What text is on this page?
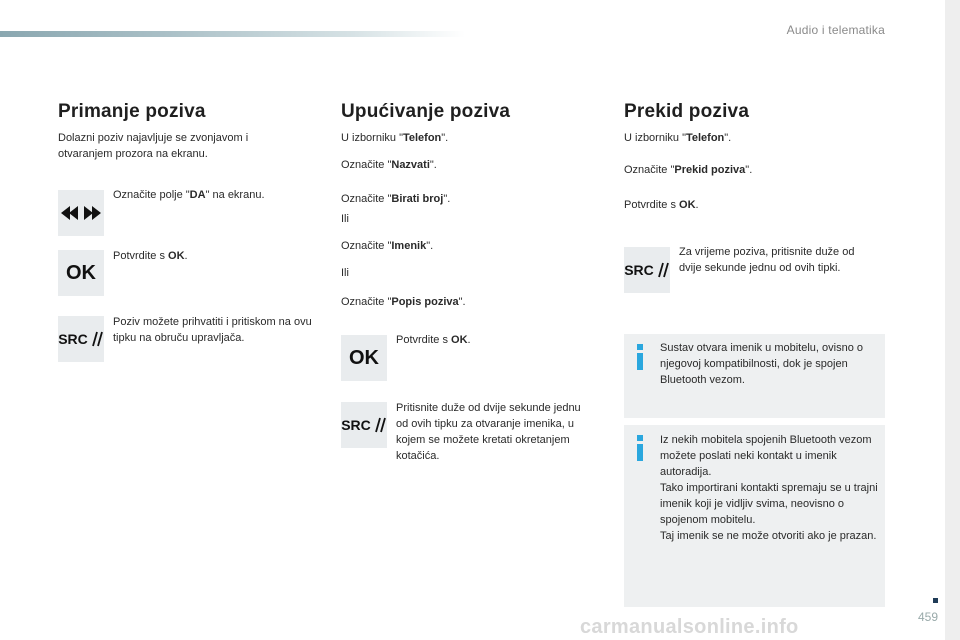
Audio i telematika
Primanje poziva

Dolazni poziv najavljuje se zvonjavom i otvaranjem prozora na ekranu.

Označite polje "DA" na ekranu.

OK

Potvrdite s OK.

SRC

Poziv možete prihvatiti i pritiskom na ovu tipku na obruču upravljača.

Upućivanje poziva

U izborniku "Telefon".

Označite "Nazvati".

Označite "Birati broj".

Ili

Označite "Imenik".

Ili

Označite "Popis poziva".

OK

Potvrdite s OK.

SRC

Pritisnite duže od dvije sekunde jednu od ovih tipku za otvaranje imenika, u kojem se možete kretati okretanjem kotačića.

Prekid poziva

U izborniku "Telefon".

Označite "Prekid poziva".

Potvrdite s OK.

SRC

Za vrijeme poziva, pritisnite duže od dvije sekunde jednu od ovih tipki.

Sustav otvara imenik u mobitelu, ovisno o njegovoj kompatibilnosti, dok je spojen Bluetooth vezom.

Iz nekih mobitela spojenih Bluetooth vezom možete poslati neki kontakt u imenik autoradija.
Tako importirani kontakti spremaju se u trajni imenik koji je vidljiv svima, neovisno o spojenom mobitelu.
Taj imenik se ne može otvoriti ako je prazan.

459
carmanualsonline.info
